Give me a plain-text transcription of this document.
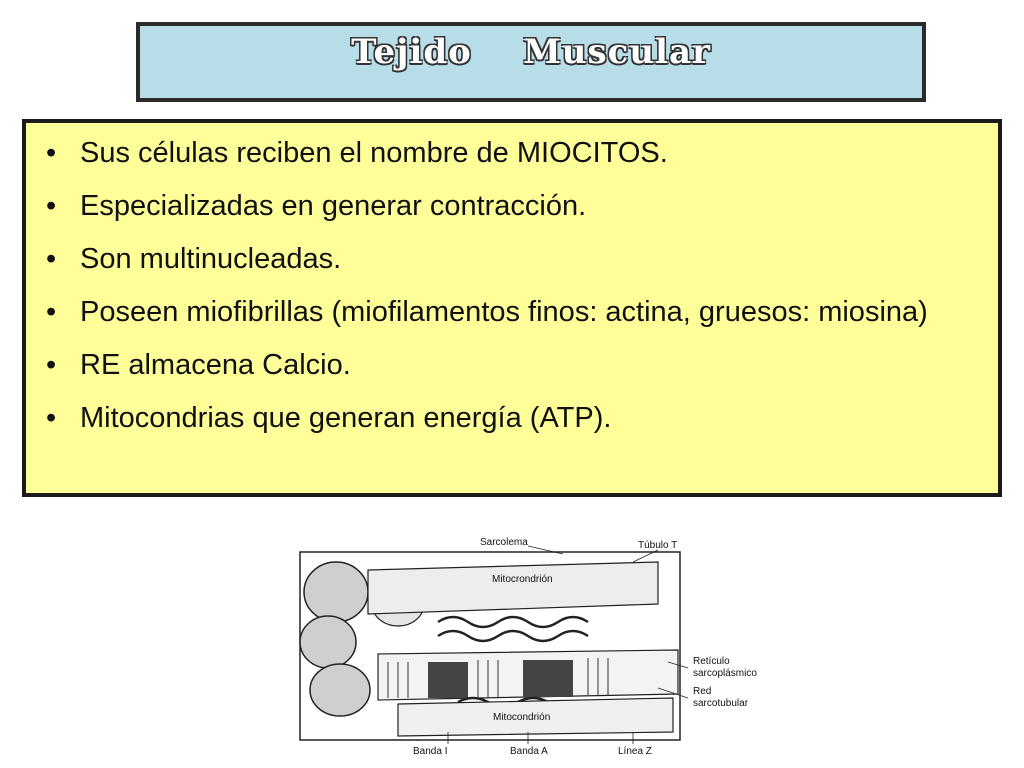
Tejido    Muscular
• Sus células reciben el nombre de MIOCITOS.
• Especializadas en generar contracción.
• Son multinucleadas.
• Poseen miofibrillas (miofilamentos finos: actina, gruesos: miosina)
• RE almacena Calcio.
• Mitocondrias que generan energía (ATP).
Sarcolema	Túbulo T
Mitocrondrión
Retículo
sarcoplásmico
Red
sarcotubular
Mitocondrión
Banda I	Banda A	Línea Z
